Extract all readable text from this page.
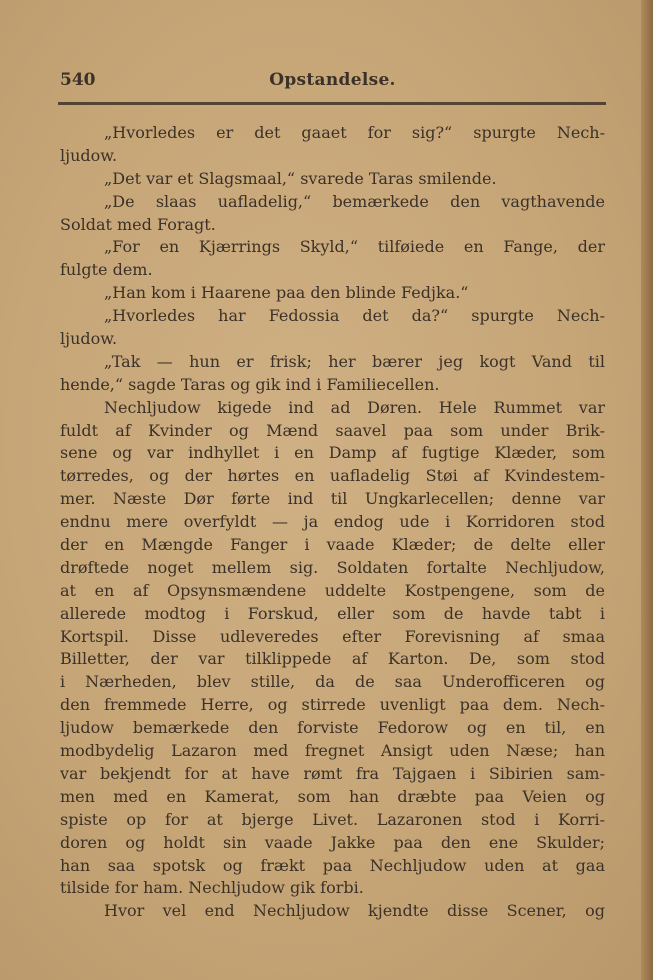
540	Opstandelse.
„Hvorledes er det gaaet for sig?“ spurgte Nech-
ljudow.
„Det var et Slagsmaal,“ svarede Taras smilende.
„De slaas uafladelig,“ bemærkede den vagthavende
Soldat med Foragt.
„For en Kjærrings Skyld,“ tilføiede en Fange, der
fulgte dem.
„Han kom i Haarene paa den blinde Fedjka.“
„Hvorledes har Fedossia det da?“ spurgte Nech-
ljudow.
„Tak — hun er frisk; her bærer jeg kogt Vand til
hende,“ sagde Taras og gik ind i Familiecellen.
Nechljudow kigede ind ad Døren. Hele Rummet var
fuldt af Kvinder og Mænd saavel paa som under Brik-
sene og var indhyllet i en Damp af fugtige Klæder, som
tørredes, og der hørtes en uafladelig Støi af Kvindestem-
mer. Næste Dør førte ind til Ungkarlecellen; denne var
endnu mere overfyldt — ja endog ude i Korridoren stod
der en Mængde Fanger i vaade Klæder; de delte eller
drøftede noget mellem sig. Soldaten fortalte Nechljudow,
at en af Opsynsmændene uddelte Kostpengene, som de
allerede modtog i Forskud, eller som de havde tabt i
Kortspil. Disse udleveredes efter Forevisning af smaa
Billetter, der var tilklippede af Karton. De, som stod
i Nærheden, blev stille, da de saa Underofficeren og
den fremmede Herre, og stirrede uvenligt paa dem. Nech-
ljudow bemærkede den forviste Fedorow og en til, en
modbydelig Lazaron med fregnet Ansigt uden Næse; han
var bekjendt for at have rømt fra Tajgaen i Sibirien sam-
men med en Kamerat, som han dræbte paa Veien og
spiste op for at bjerge Livet. Lazaronen stod i Korri-
doren og holdt sin vaade Jakke paa den ene Skulder;
han saa spotsk og frækt paa Nechljudow uden at gaa
tilside for ham. Nechljudow gik forbi.
Hvor vel end Nechljudow kjendte disse Scener, og
